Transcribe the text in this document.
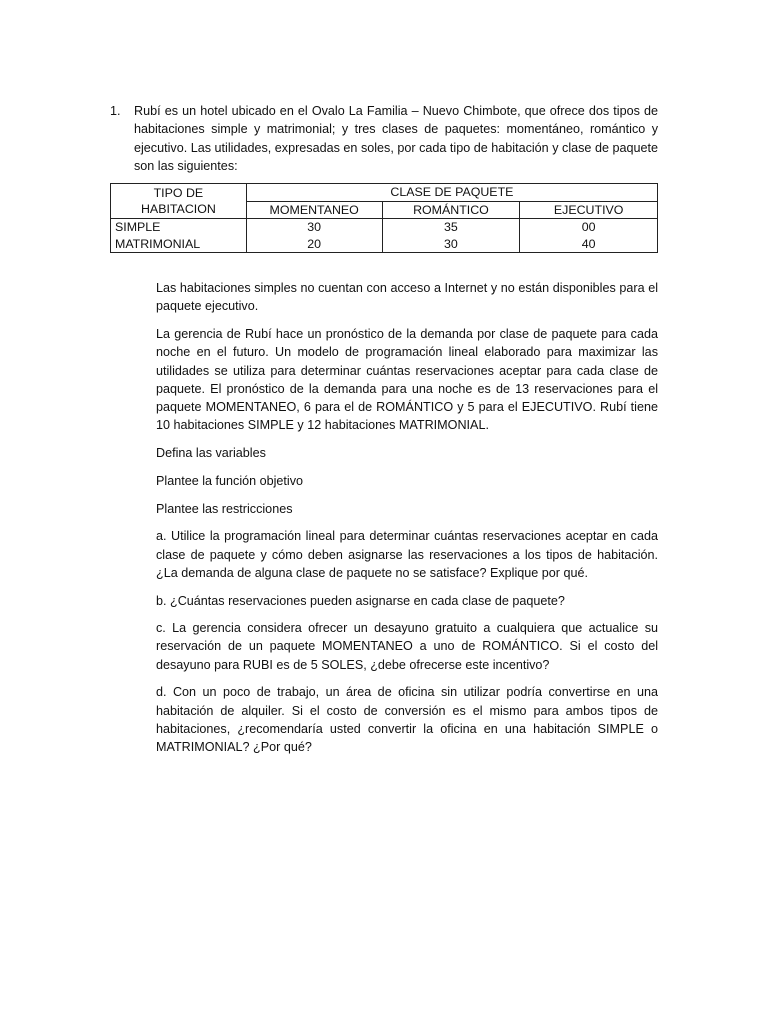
1. Rubí es un hotel ubicado en el Ovalo La Familia – Nuevo Chimbote, que ofrece dos tipos de habitaciones simple y matrimonial; y tres clases de paquetes: momentáneo, romántico y ejecutivo. Las utilidades, expresadas en soles, por cada tipo de habitación y clase de paquete son las siguientes:
TIPO DE HABITACION	CLASE DE PAQUETE		
	MOMENTANEO	ROMÁNTICO	EJECUTIVO
SIMPLE	30	35	00
MATRIMONIAL	20	30	40

Las habitaciones simples no cuentan con acceso a Internet y no están disponibles para el paquete ejecutivo.

La gerencia de Rubí hace un pronóstico de la demanda por clase de paquete para cada noche en el futuro. Un modelo de programación lineal elaborado para maximizar las utilidades se utiliza para determinar cuántas reservaciones aceptar para cada clase de paquete. El pronóstico de la demanda para una noche es de 13 reservaciones para el paquete MOMENTANEO, 6 para el de ROMÁNTICO y 5 para el EJECUTIVO. Rubí tiene 10 habitaciones SIMPLE y 12 habitaciones MATRIMONIAL.

Defina las variables

Plantee la función objetivo

Plantee las restricciones

a. Utilice la programación lineal para determinar cuántas reservaciones aceptar en cada clase de paquete y cómo deben asignarse las reservaciones a los tipos de habitación. ¿La demanda de alguna clase de paquete no se satisface? Explique por qué.

b. ¿Cuántas reservaciones pueden asignarse en cada clase de paquete?

c. La gerencia considera ofrecer un desayuno gratuito a cualquiera que actualice su reservación de un paquete MOMENTANEO a uno de ROMÁNTICO. Si el costo del desayuno para RUBI es de 5 SOLES, ¿debe ofrecerse este incentivo?

d. Con un poco de trabajo, un área de oficina sin utilizar podría convertirse en una habitación de alquiler. Si el costo de conversión es el mismo para ambos tipos de habitaciones, ¿recomendaría usted convertir la oficina en una habitación SIMPLE o MATRIMONIAL? ¿Por qué?
